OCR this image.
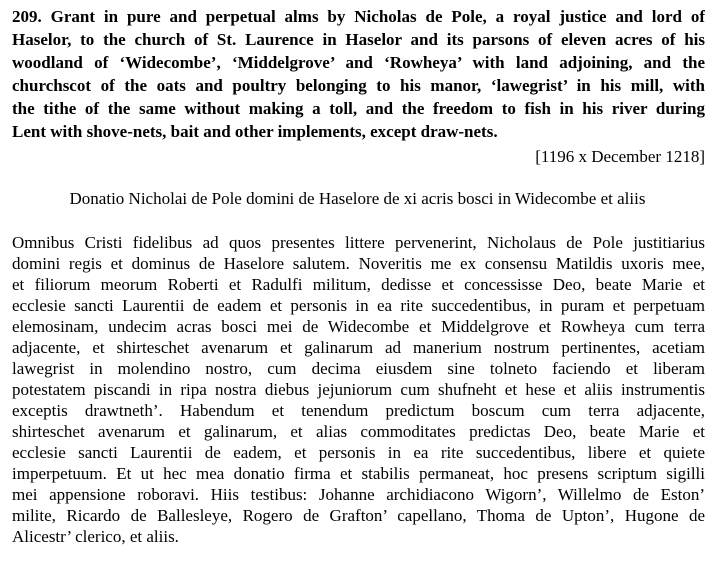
209. Grant in pure and perpetual alms by Nicholas de Pole, a royal justice and lord of
Haselor, to the church of St. Laurence in Haselor and its parsons of eleven acres of his
woodland of ‘Widecombe’, ‘Middelgrove’ and ‘Rowheya’ with land adjoining, and the
churchscot of the oats and poultry belonging to his manor, ‘lawegrist’ in his mill, with
the tithe of the same without making a toll, and the freedom to fish in his river during
Lent with shove-nets, bait and other implements, except draw-nets.
[1196 x December 1218]
Donatio Nicholai de Pole domini de Haselore de xi acris bosci in Widecombe et aliis
Omnibus Cristi fidelibus ad quos presentes littere pervenerint, Nicholaus de Pole justitiarius
domini regis et dominus de Haselore salutem. Noveritis me ex consensu Matildis uxoris mee,
et filiorum meorum Roberti et Radulfi militum, dedisse et concessisse Deo, beate Marie et
ecclesie sancti Laurentii de eadem et personis in ea rite succedentibus, in puram et perpetuam
elemosinam, undecim acras bosci mei de Widecombe et Middelgrove et Rowheya cum terra
adjacente, et shirteschet avenarum et galinarum ad manerium nostrum pertinentes, acetiam
lawegrist in molendino nostro, cum decima eiusdem sine tolneto faciendo et liberam
potestatem piscandi in ripa nostra diebus jejuniorum cum shufneht et hese et aliis instrumentis
exceptis drawtneth’. Habendum et tenendum predictum boscum cum terra adjacente,
shirteschet avenarum et galinarum, et alias commoditates predictas Deo, beate Marie et
ecclesie sancti Laurentii de eadem, et personis in ea rite succedentibus, libere et quiete
imperpetuum. Et ut hec mea donatio firma et stabilis permaneat, hoc presens scriptum sigilli
mei appensione roboravi. Hiis testibus: Johanne archidiacono Wigorn’, Willelmo de Eston’
milite, Ricardo de Ballesleye, Rogero de Grafton’ capellano, Thoma de Upton’, Hugone de
Alicestr’ clerico, et aliis.
